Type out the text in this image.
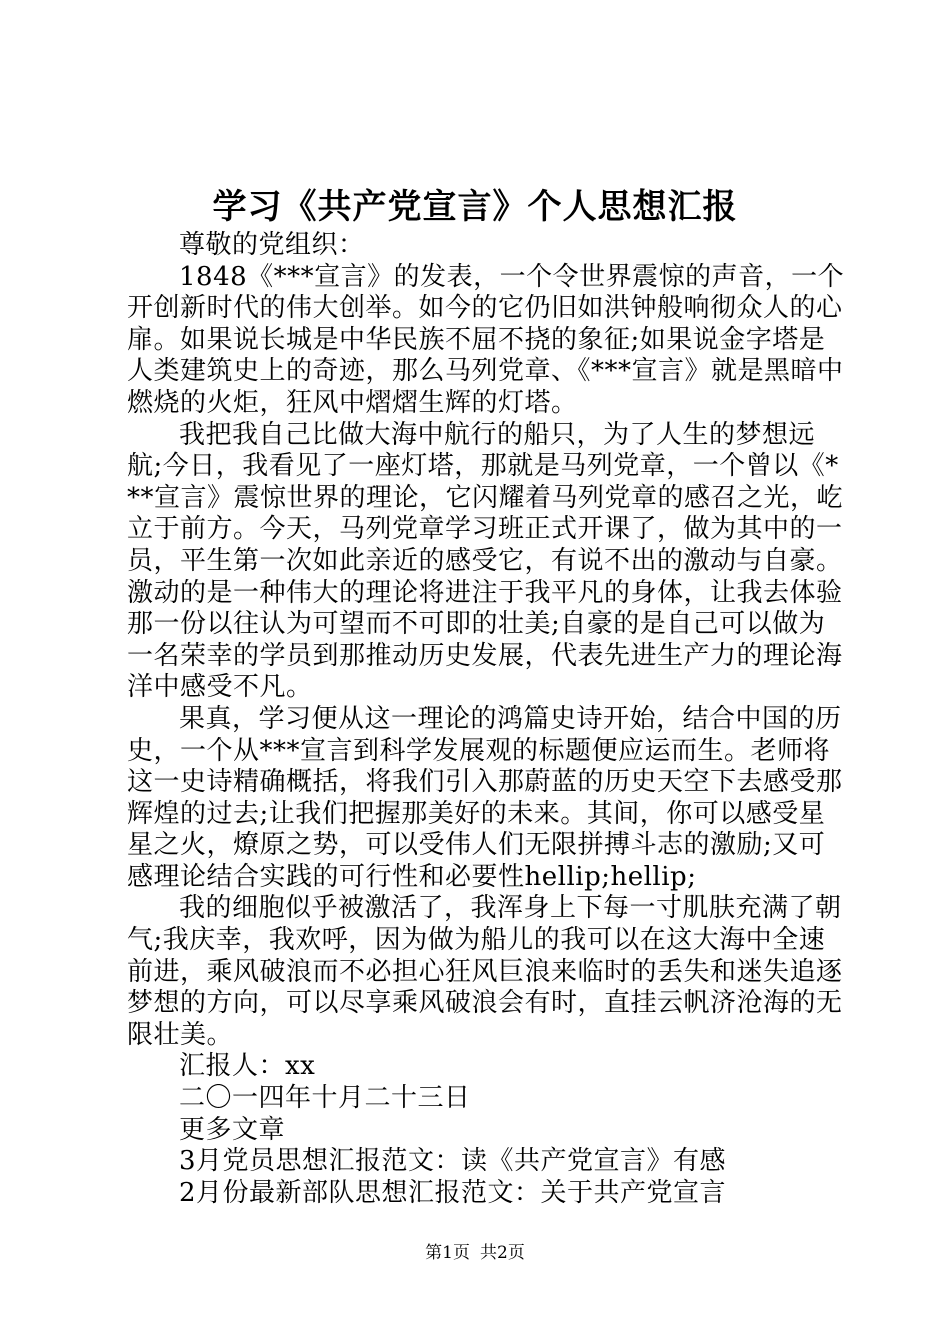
学习《共产党宣言》个人思想汇报
尊敬的党组织：

1848《***宣言》的发表，一个令世界震惊的声音，一个开创新时代的伟大创举。如今的它仍旧如洪钟般响彻众人的心扉。如果说长城是中华民族不屈不挠的象征;如果说金字塔是人类建筑史上的奇迹，那么马列党章、《***宣言》就是黑暗中燃烧的火炬，狂风中熠熠生辉的灯塔。

我把我自己比做大海中航行的船只，为了人生的梦想远航;今日，我看见了一座灯塔，那就是马列党章，一个曾以《***宣言》震惊世界的理论，它闪耀着马列党章的感召之光，屹立于前方。今天，马列党章学习班正式开课了，做为其中的一员，平生第一次如此亲近的感受它，有说不出的激动与自豪。激动的是一种伟大的理论将进注于我平凡的身体，让我去体验那一份以往认为可望而不可即的壮美;自豪的是自己可以做为一名荣幸的学员到那推动历史发展，代表先进生产力的理论海洋中感受不凡。

果真，学习便从这一理论的鸿篇史诗开始，结合中国的历史，一个从***宣言到科学发展观的标题便应运而生。老师将这一史诗精确概括，将我们引入那蔚蓝的历史天空下去感受那辉煌的过去;让我们把握那美好的未来。其间，你可以感受星星之火，燎原之势，可以受伟人们无限拼搏斗志的激励;又可感理论结合实践的可行性和必要性hellip;hellip;

我的细胞似乎被激活了，我浑身上下每一寸肌肤充满了朝气;我庆幸，我欢呼，因为做为船儿的我可以在这大海中全速前进，乘风破浪而不必担心狂风巨浪来临时的丢失和迷失追逐梦想的方向，可以尽享乘风破浪会有时，直挂云帆济沧海的无限壮美。

汇报人：xx
二〇一四年十月二十三日
更多文章
3月党员思想汇报范文：读《共产党宣言》有感
2月份最新部队思想汇报范文：关于共产党宣言
第1页 共2页
